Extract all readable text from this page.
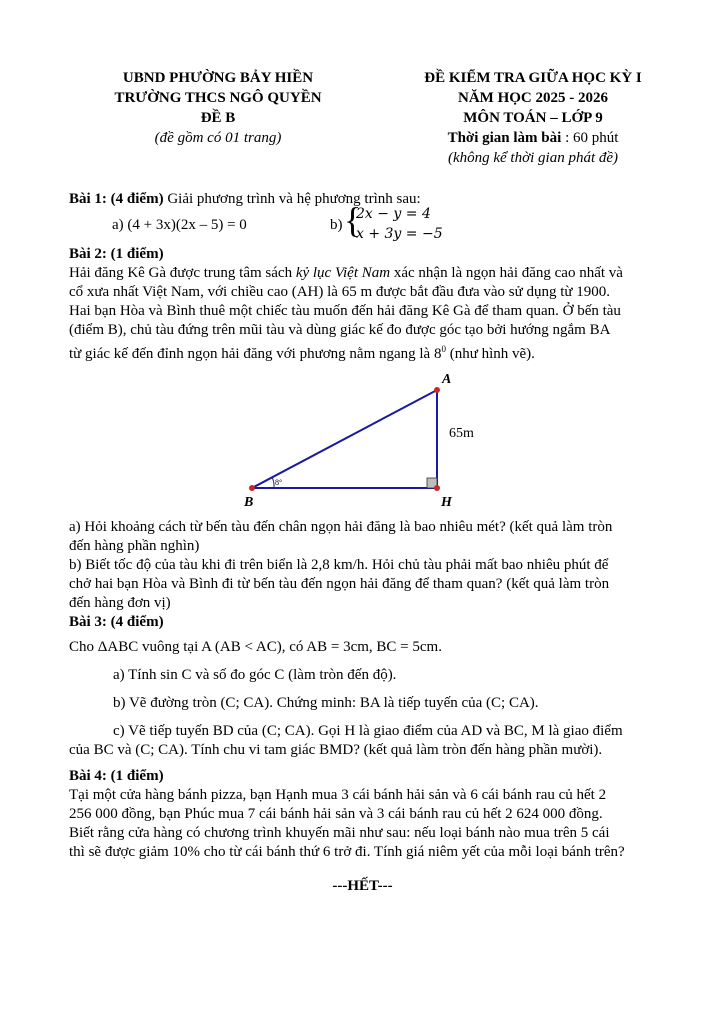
UBND PHƯỜNG BẢY HIỀN
TRƯỜNG THCS NGÔ QUYỀN
ĐỀ B
(đề gồm có 01 trang)
ĐỀ KIỂM TRA GIỮA HỌC KỲ I
NĂM HỌC 2025 - 2026
MÔN TOÁN – LỚP 9
Thời gian làm bài : 60 phút
(không kể thời gian phát đề)
Bài 1: (4 điểm) Giải phương trình và hệ phương trình sau:
a) (4 + 3x)(2x – 5) = 0	b) {
2x − y = 4
x + 3y = −5

Bài 2: (1 điểm)

Hải đăng Kê Gà được trung tâm sách kỷ lục Việt Nam xác nhận là ngọn hải đăng cao nhất và

cổ xưa nhất Việt Nam, với chiều cao (AH) là 65 m được bắt đầu đưa vào sử dụng từ 1900.

Hai bạn Hòa và Bình thuê một chiếc tàu muốn đến hải đăng Kê Gà để tham quan. Ở bến tàu

(điểm B), chủ tàu đứng trên mũi tàu và dùng giác kế đo được góc tạo bởi hướng ngắm BA

từ giác kế đến đỉnh ngọn hải đăng với phương nằm ngang là $8^0$ (như hình vẽ).

A
B	H
65m
8°

a) Hỏi khoảng cách từ bến tàu đến chân ngọn hải đăng là bao nhiêu mét? (kết quả làm tròn

đến hàng phần nghìn)

b) Biết tốc độ của tàu khi đi trên biển là 2,8 km/h. Hỏi chủ tàu phải mất bao nhiêu phút để

chở hai bạn Hòa và Bình đi từ bến tàu đến ngọn hải đăng để tham quan? (kết quả làm tròn

đến hàng đơn vị)

Bài 3: (4 điểm)

Cho ΔABC vuông tại A (AB < AC), có AB = 3cm, BC = 5cm.
a) Tính sin C và số đo góc C (làm tròn đến độ).
b) Vẽ đường tròn (C; CA). Chứng minh: BA là tiếp tuyến của (C; CA).
c) Vẽ tiếp tuyến BD của (C; CA). Gọi H là giao điểm của AD và BC, M là giao điểm
của BC và (C; CA). Tính chu vi tam giác BMD? (kết quả làm tròn đến hàng phần mười).

Bài 4: (1 điểm)

Tại một cửa hàng bánh pizza, bạn Hạnh mua 3 cái bánh hải sản và 6 cái bánh rau củ hết 2

256 000 đồng, bạn Phúc mua 7 cái bánh hải sản và 3 cái bánh rau củ hết 2 624 000 đồng.

Biết rằng cửa hàng có chương trình khuyến mãi như sau: nếu loại bánh nào mua trên 5 cái

thì sẽ được giảm 10% cho từ cái bánh thứ 6 trở đi. Tính giá niêm yết của mỗi loại bánh trên?

---HẾT---
